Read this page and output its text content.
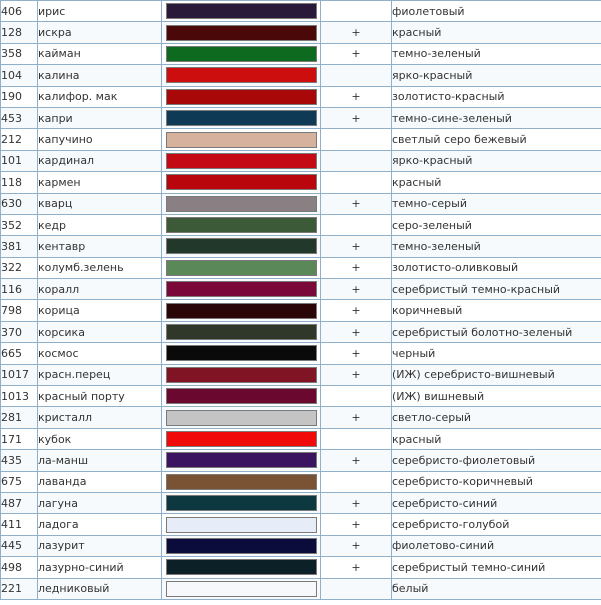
406	ирис			фиолетовый
128	искра		+	красный
358	кайман		+	темно-зеленый
104	калина			ярко-красный
190	калифор. мак		+	золотисто-красный
453	капри		+	темно-сине-зеленый
212	капучино			светлый серо бежевый
101	кардинал			ярко-красный
118	кармен			красный
630	кварц		+	темно-серый
352	кедр			серо-зеленый
381	кентавр		+	темно-зеленый
322	колумб.зелень		+	золотисто-оливковый
116	коралл		+	серебристый темно-красный
798	корица		+	коричневый
370	корсика		+	серебристый болотно-зеленый
665	космос		+	черный
1017	красн.перец		+	(ИЖ) серебристо-вишневый
1013	красный порту			(ИЖ) вишневый
281	кристалл		+	светло-серый
171	кубок			красный
435	ла-манш		+	серебристо-фиолетовый
675	лаванда			серебристо-коричневый
487	лагуна		+	серебристо-синий
411	ладога		+	серебристо-голубой
445	лазурит		+	фиолетово-синий
498	лазурно-синий		+	серебристый темно-синий
221	ледниковый			белый
